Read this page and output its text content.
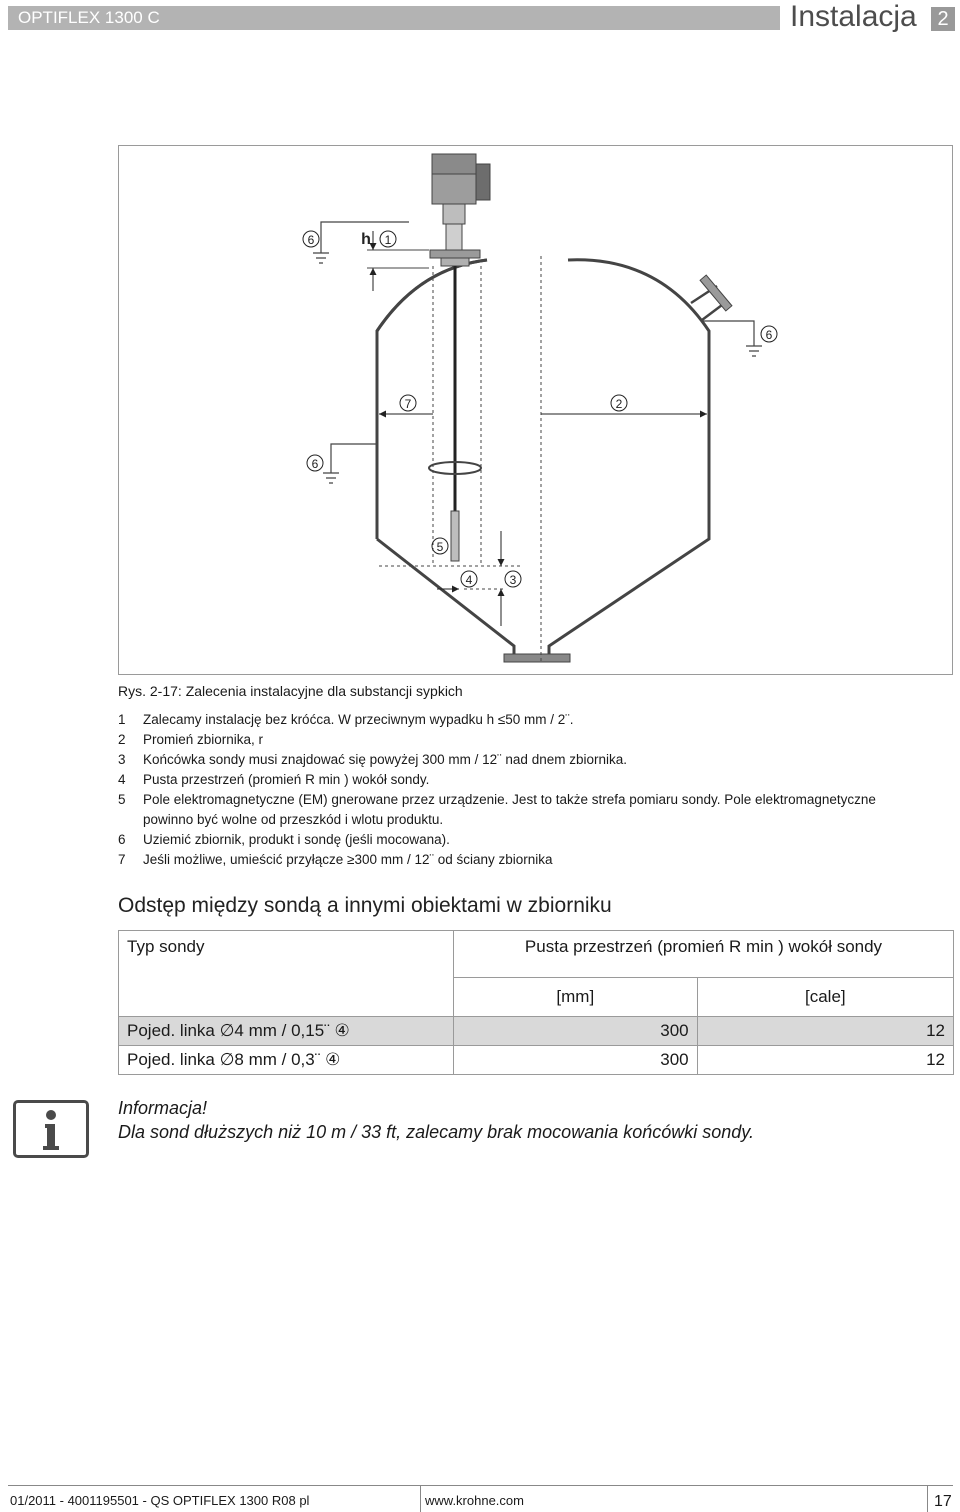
OPTIFLEX 1300 C	Instalacja	2
6	h 1
6
7	2
6
5
4	3
Rys. 2-17: Zalecenia instalacyjne dla substancji sypkich
1	Zalecamy instalację bez króćca. W przeciwnym wypadku h ≤50 mm / 2¨.
2	Promień zbiornika, r
3	Końcówka sondy musi znajdować się powyżej 300 mm / 12¨ nad dnem zbiornika.
4	Pusta przestrzeń (promień R min ) wokół sondy.
5	Pole elektromagnetyczne (EM) gnerowane przez urządzenie. Jest to także strefa pomiaru sondy. Pole elektromagnetyczne powinno być wolne od przeszkód i wlotu produktu.
6	Uziemić zbiornik, produkt i sondę (jeśli mocowana).
7	Jeśli możliwe, umieścić przyłącze ≥300 mm / 12¨ od ściany zbiornika
Odstęp między sondą a innymi obiektami w zbiorniku
Typ sondy	Pusta przestrzeń (promień R min ) wokół sondy	
	[mm]	[cale]
Pojed. linka ∅4 mm / 0,15¨ ④	300	12
Pojed. linka ∅8 mm / 0,3¨ ④	300	12
Informacja!
Dla sond dłuższych niż 10 m / 33 ft, zalecamy brak mocowania końcówki sondy.
01/2011 - 4001195501 - QS OPTIFLEX 1300 R08 pl	www.krohne.com	17
